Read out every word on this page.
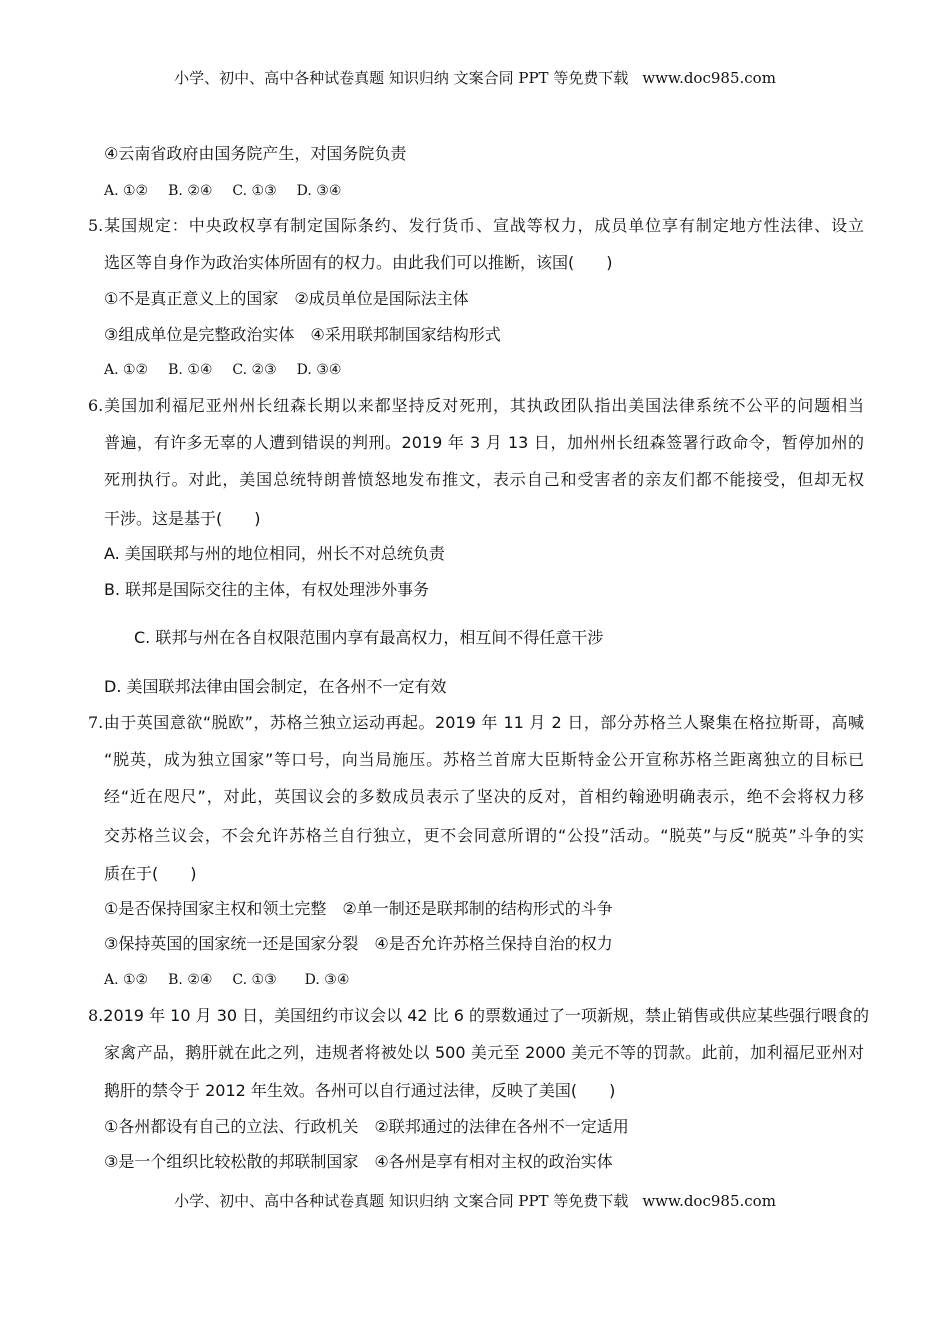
小学、初中、高中各种试卷真题 知识归纳 文案合同 PPT 等免费下载 www.doc985.com
④云南省政府由国务院产生，对国务院负责
A. ①② B. ②④ C. ①③ D. ③④
5.某国规定：中央政权享有制定国际条约、发行货币、宣战等权力，成员单位享有制定地方性法律、设立
选区等自身作为政治实体所固有的权力。由此我们可以推断，该国(　　)
①不是真正意义上的国家　②成员单位是国际法主体
③组成单位是完整政治实体　④采用联邦制国家结构形式
A. ①② B. ①④ C. ②③ D. ③④
6.美国加利福尼亚州州长纽森长期以来都坚持反对死刑，其执政团队指出美国法律系统不公平的问题相当
普遍，有许多无辜的人遭到错误的判刑。2019 年 3 月 13 日，加州州长纽森签署行政命令，暂停加州的
死刑执行。对此，美国总统特朗普愤怒地发布推文，表示自己和受害者的亲友们都不能接受，但却无权
干涉。这是基于(　　)
A. 美国联邦与州的地位相同，州长不对总统负责
B. 联邦是国际交往的主体，有权处理涉外事务
C. 联邦与州在各自权限范围内享有最高权力，相互间不得任意干涉
D. 美国联邦法律由国会制定，在各州不一定有效
7.由于英国意欲“脱欧”，苏格兰独立运动再起。2019 年 11 月 2 日，部分苏格兰人聚集在格拉斯哥，高喊
“脱英，成为独立国家”等口号，向当局施压。苏格兰首席大臣斯特金公开宣称苏格兰距离独立的目标已
经“近在咫尺”，对此，英国议会的多数成员表示了坚决的反对，首相约翰逊明确表示，绝不会将权力移
交苏格兰议会，不会允许苏格兰自行独立，更不会同意所谓的“公投”活动。“脱英”与反“脱英”斗争的实
质在于(　　)
①是否保持国家主权和领土完整　②单一制还是联邦制的结构形式的斗争
③保持英国的国家统一还是国家分裂　④是否允许苏格兰保持自治的权力
A. ①② B. ②④ C. ①③ D. ③④
8.2019 年 10 月 30 日，美国纽约市议会以 42 比 6 的票数通过了一项新规，禁止销售或供应某些强行喂食的
家禽产品，鹅肝就在此之列，违规者将被处以 500 美元至 2000 美元不等的罚款。此前，加利福尼亚州对
鹅肝的禁令于 2012 年生效。各州可以自行通过法律，反映了美国(　　)
①各州都设有自己的立法、行政机关　②联邦通过的法律在各州不一定适用
③是一个组织比较松散的邦联制国家　④各州是享有相对主权的政治实体
小学、初中、高中各种试卷真题 知识归纳 文案合同 PPT 等免费下载 www.doc985.com
